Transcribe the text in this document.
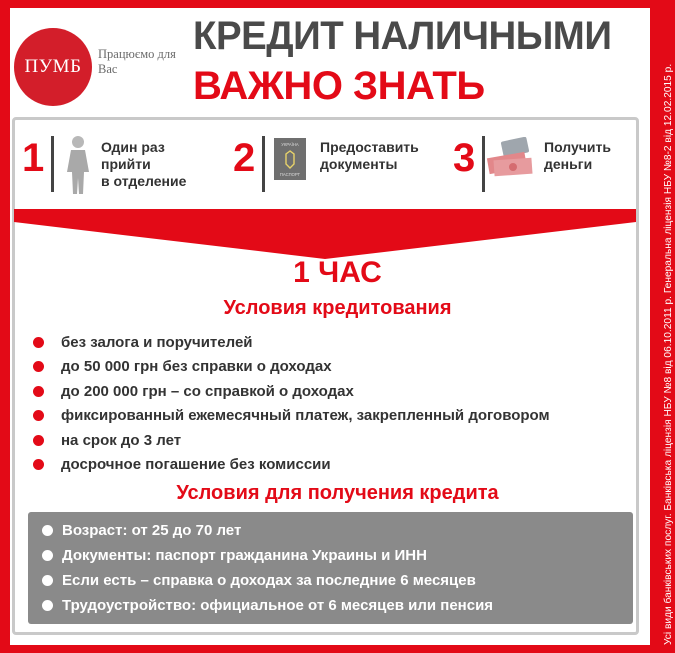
ПУМБ
Працюємо для Вас
КРЕДИТ НАЛИЧНЫМИ
ВАЖНО ЗНАТЬ
1	Один раз
прийти
в отделение
2	УКРАЇНА
ПАСПОРТ
Предоставить
документы	3	Получить
деньги
1 ЧАС
Условия кредитования
без залога и поручителей
до 50 000 грн без справки о доходах
до 200 000 грн – со справкой о доходах
фиксированный ежемесячный платеж, закрепленный договором
на срок до 3 лет
досрочное погашение без комиссии
Условия для получения кредита
Возраст: от 25 до 70 лет
Документы: паспорт гражданина Украины и ИНН
Если есть – справка о доходах за последние 6 месяцев
Трудоустройство: официальное от 6 месяцев или пенсия	Усі види банківських послуг. Банківська ліцензія НБУ №8 від 06.10.2011 р. Генеральна ліцензія НБУ №8-2 від 12.02.2015 р.
